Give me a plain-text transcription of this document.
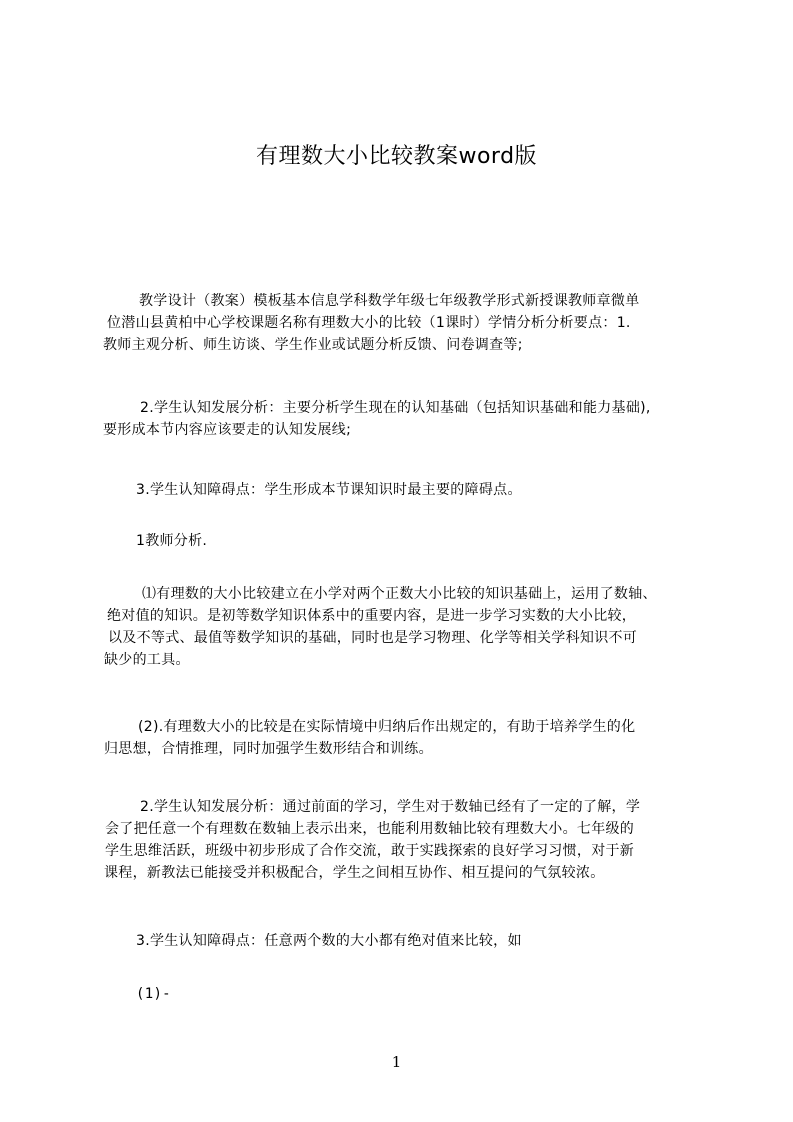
有理数大小比较教案word版
教学设计（教案）模板基本信息学科数学年级七年级教学形式新授课教师章微单
位潜山县黄柏中心学校课题名称有理数大小的比较（1课时）学情分析分析要点：1.
教师主观分析、师生访谈、学生作业或试题分析反馈、问卷调查等;
2.学生认知发展分析：主要分析学生现在的认知基础（包括知识基础和能力基础),
要形成本节内容应该要走的认知发展线;
3.学生认知障碍点：学生形成本节课知识时最主要的障碍点。
1教师分析.
⑴有理数的大小比较建立在小学对两个正数大小比较的知识基础上，运用了数轴、
绝对值的知识。是初等数学知识体系中的重要内容，是进一步学习实数的大小比较，
以及不等式、最值等数学知识的基础，同时也是学习物理、化学等相关学科知识不可
缺少的工具。
(2).有理数大小的比较是在实际情境中归纳后作出规定的，有助于培养学生的化
归思想，合情推理，同时加强学生数形结合和训练。
2.学生认知发展分析：通过前面的学习，学生对于数轴已经有了一定的了解，学
会了把任意一个有理数在数轴上表示出来，也能利用数轴比较有理数大小。七年级的
学生思维活跃，班级中初步形成了合作交流，敢于实践探索的良好学习习惯，对于新
课程，新教法已能接受并积极配合，学生之间相互协作、相互提问的气氛较浓。
3.学生认知障碍点：任意两个数的大小都有绝对值来比较，如
(1)-
1
